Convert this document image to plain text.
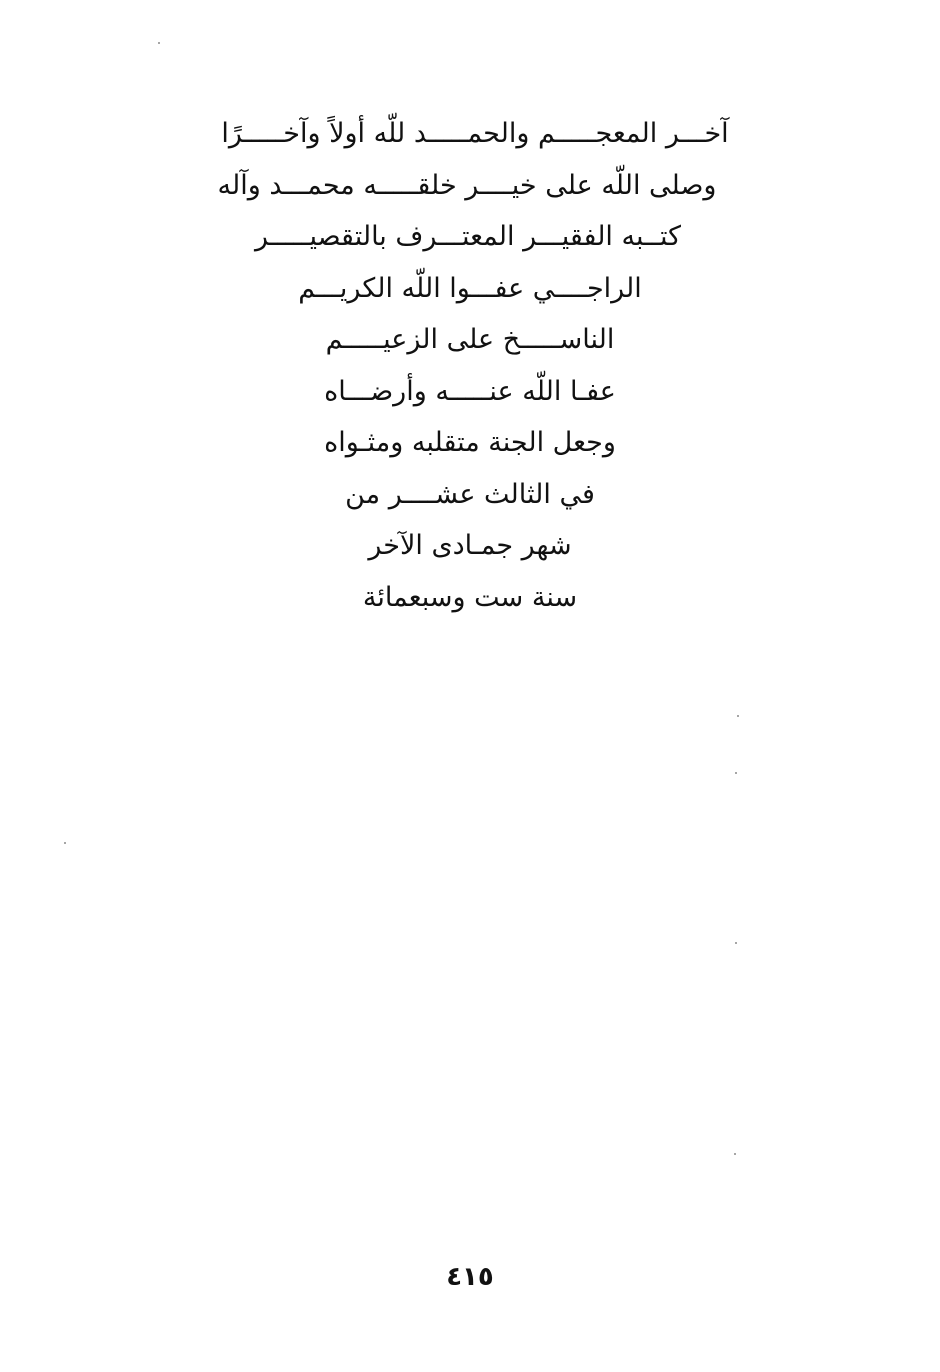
آخـــر المعجـــــم والحمـــــد للّه أولاً وآخـــــرًا
وصلى اللّه على خيــــر خلقـــــه محمـــد وآله
كتــبه الفقيـــر المعتـــرف بالتقصيـــــر
الراجــــي عفـــوا اللّه الكريـــم
الناســـــخ على الزعيـــــم
عفـا اللّه عنـــــه وأرضـــاه
وجعل الجنة متقلبه ومثـواه
في الثالث عشــــر من
شهر جمـادى الآخر
سنة ست وسبعمائة
٤١٥
